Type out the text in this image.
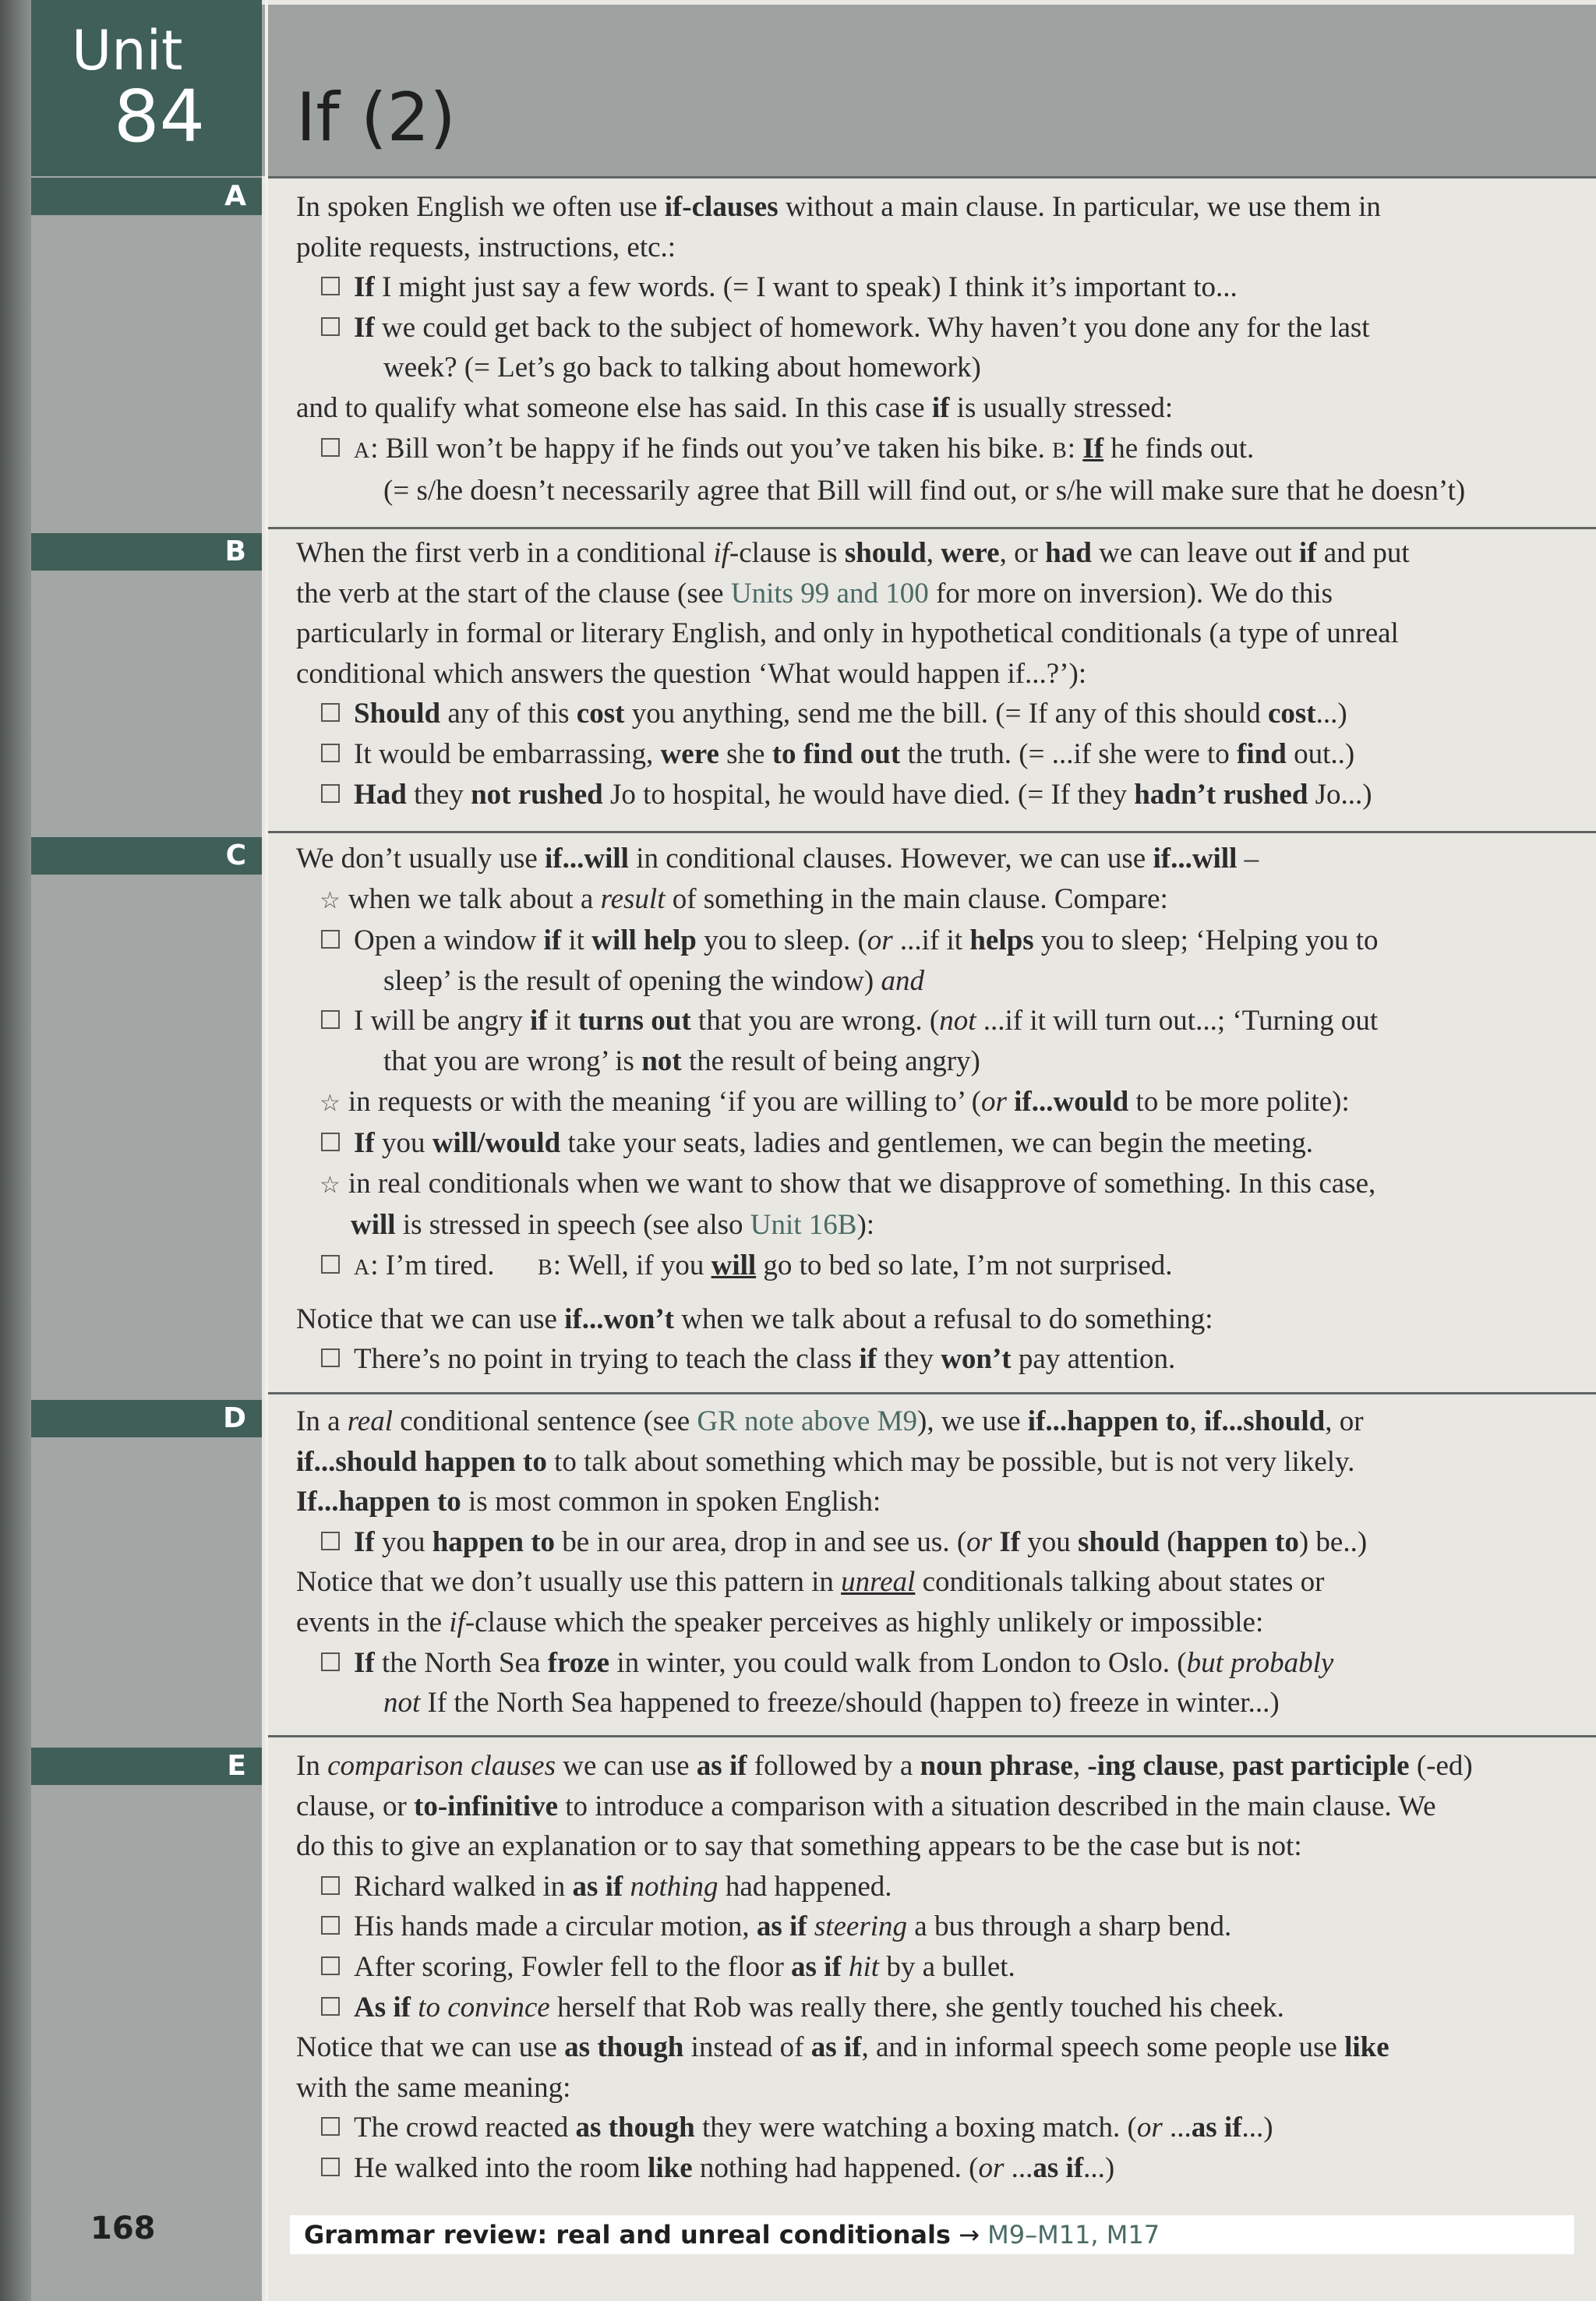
Unit
84 If (2)
A
B
C
D
E

In spoken English we often use if-clauses without a main clause. In particular, we use them in

polite requests, instructions, etc.:

If I might just say a few words. (= I want to speak) I think it’s important to...

If we could get back to the subject of homework. Why haven’t you done any for the last

week? (= Let’s go back to talking about homework)

and to qualify what someone else has said. In this case if is usually stressed:

A: Bill won’t be happy if he finds out you’ve taken his bike. B: If he finds out.

(= s/he doesn’t necessarily agree that Bill will find out, or s/he will make sure that he doesn’t)

When the first verb in a conditional if-clause is should, were, or had we can leave out if and put

the verb at the start of the clause (see Units 99 and 100 for more on inversion). We do this

particularly in formal or literary English, and only in hypothetical conditionals (a type of unreal

conditional which answers the question ‘What would happen if...?’):

Should any of this cost you anything, send me the bill. (= If any of this should cost...)

It would be embarrassing, were she to find out the truth. (= ...if she were to find out..)

Had they not rushed Jo to hospital, he would have died. (= If they hadn’t rushed Jo...)

We don’t usually use if...will in conditional clauses. However, we can use if...will –

☆ when we talk about a result of something in the main clause. Compare:

Open a window if it will help you to sleep. (or ...if it helps you to sleep; ‘Helping you to

sleep’ is the result of opening the window) and

I will be angry if it turns out that you are wrong. (not ...if it will turn out...; ‘Turning out

that you are wrong’ is not the result of being angry)

☆ in requests or with the meaning ‘if you are willing to’ (or if...would to be more polite):

If you will/would take your seats, ladies and gentlemen, we can begin the meeting.

☆ in real conditionals when we want to show that we disapprove of something. In this case,

will is stressed in speech (see also Unit 16B):

A: I’m tired.      B: Well, if you will go to bed so late, I’m not surprised.

Notice that we can use if...won’t when we talk about a refusal to do something:

There’s no point in trying to teach the class if they won’t pay attention.

In a real conditional sentence (see GR note above M9), we use if...happen to, if...should, or

if...should happen to to talk about something which may be possible, but is not very likely.

If...happen to is most common in spoken English:

If you happen to be in our area, drop in and see us. (or If you should (happen to) be..)

Notice that we don’t usually use this pattern in unreal conditionals talking about states or

events in the if-clause which the speaker perceives as highly unlikely or impossible:

If the North Sea froze in winter, you could walk from London to Oslo. (but probably

not If the North Sea happened to freeze/should (happen to) freeze in winter...)

In comparison clauses we can use as if followed by a noun phrase, -ing clause, past participle (-ed)

clause, or to-infinitive to introduce a comparison with a situation described in the main clause. We

do this to give an explanation or to say that something appears to be the case but is not:

Richard walked in as if nothing had happened.

His hands made a circular motion, as if steering a bus through a sharp bend.

After scoring, Fowler fell to the floor as if hit by a bullet.

As if to convince herself that Rob was really there, she gently touched his cheek.

Notice that we can use as though instead of as if, and in informal speech some people use like

with the same meaning:

The crowd reacted as though they were watching a boxing match. (or ...as if...)

He walked into the room like nothing had happened. (or ...as if...)

168	Grammar review: real and unreal conditionals → M9–M11, M17
